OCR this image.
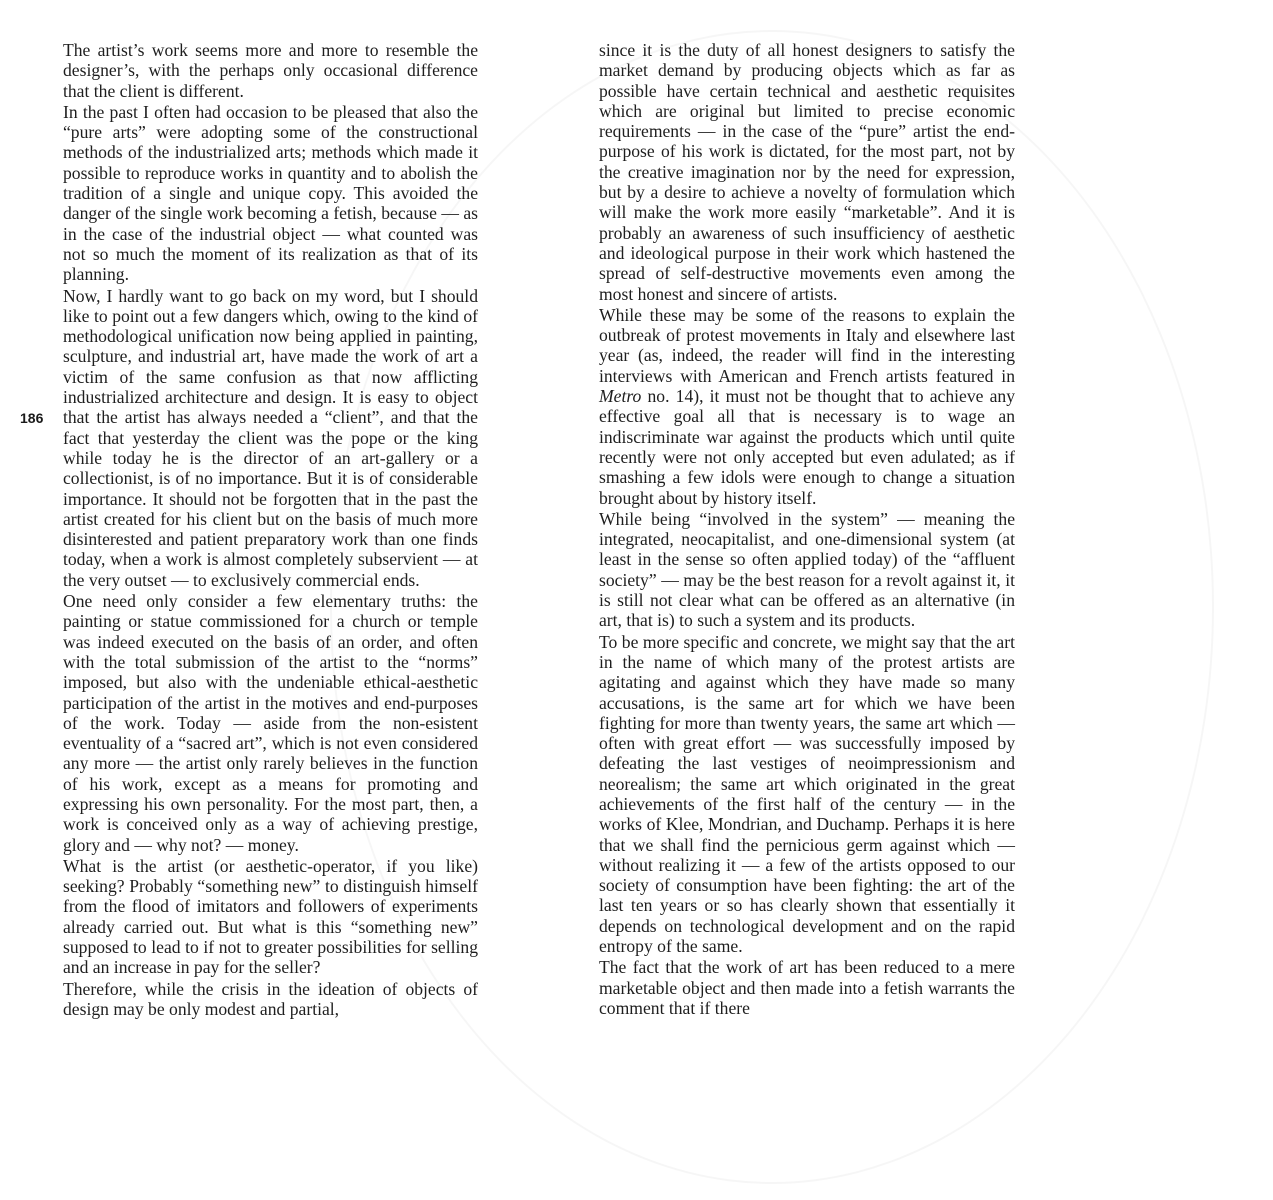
186

The artist’s work seems more and more to resemble the designer’s, with the perhaps only occasional difference that the client is different.

In the past I often had occasion to be pleased that also the “pure arts” were adopting some of the constructional methods of the industrialized arts; methods which made it possible to reproduce works in quantity and to abolish the tradition of a single and unique copy. This avoided the danger of the single work becoming a fetish, because — as in the case of the industrial object — what counted was not so much the moment of its realization as that of its planning.

Now, I hardly want to go back on my word, but I should like to point out a few dangers which, owing to the kind of methodological unification now being applied in painting, sculpture, and industrial art, have made the work of art a victim of the same confusion as that now afflicting industrialized architecture and design. It is easy to object that the artist has always needed a “client”, and that the fact that yesterday the client was the pope or the king while today he is the director of an art-gallery or a collectionist, is of no importance. But it is of considerable importance. It should not be forgotten that in the past the artist created for his client but on the basis of much more disinterested and patient preparatory work than one finds today, when a work is almost completely subservient — at the very outset — to exclusively commercial ends.

One need only consider a few elementary truths: the painting or statue commissioned for a church or temple was indeed executed on the basis of an order, and often with the total submission of the artist to the “norms” imposed, but also with the undeniable ethical-aesthetic participation of the artist in the motives and end-purposes of the work. Today — aside from the non-esistent eventuality of a “sacred art”, which is not even considered any more — the artist only rarely believes in the function of his work, except as a means for promoting and expressing his own personality. For the most part, then, a work is conceived only as a way of achieving prestige, glory and — why not? — money.

What is the artist (or aesthetic-operator, if you like) seeking? Probably “something new” to distinguish himself from the flood of imitators and followers of experiments already carried out. But what is this “something new” supposed to lead to if not to greater possibilities for selling and an increase in pay for the seller?

Therefore, while the crisis in the ideation of objects of design may be only modest and partial,

since it is the duty of all honest designers to satisfy the market demand by producing objects which as far as possible have certain technical and aesthetic requisites which are original but limited to precise economic requirements — in the case of the “pure” artist the end-purpose of his work is dictated, for the most part, not by the creative imagination nor by the need for expression, but by a desire to achieve a novelty of formulation which will make the work more easily “marketable”. And it is probably an awareness of such insufficiency of aesthetic and ideological purpose in their work which hastened the spread of self-destructive movements even among the most honest and sincere of artists.

While these may be some of the reasons to explain the outbreak of protest movements in Italy and elsewhere last year (as, indeed, the reader will find in the interesting interviews with American and French artists featured in Metro no. 14), it must not be thought that to achieve any effective goal all that is necessary is to wage an indiscriminate war against the products which until quite recently were not only accepted but even adulated; as if smashing a few idols were enough to change a situation brought about by history itself.

While being “involved in the system” — meaning the integrated, neocapitalist, and one-dimensional system (at least in the sense so often applied today) of the “affluent society” — may be the best reason for a revolt against it, it is still not clear what can be offered as an alternative (in art, that is) to such a system and its products.

To be more specific and concrete, we might say that the art in the name of which many of the protest artists are agitating and against which they have made so many accusations, is the same art for which we have been fighting for more than twenty years, the same art which — often with great effort — was successfully imposed by defeating the last vestiges of neoimpressionism and neorealism; the same art which originated in the great achievements of the first half of the century — in the works of Klee, Mondrian, and Duchamp. Perhaps it is here that we shall find the pernicious germ against which — without realizing it — a few of the artists opposed to our society of consumption have been fighting: the art of the last ten years or so has clearly shown that essentially it depends on technological development and on the rapid entropy of the same.

The fact that the work of art has been reduced to a mere marketable object and then made into a fetish warrants the comment that if there
